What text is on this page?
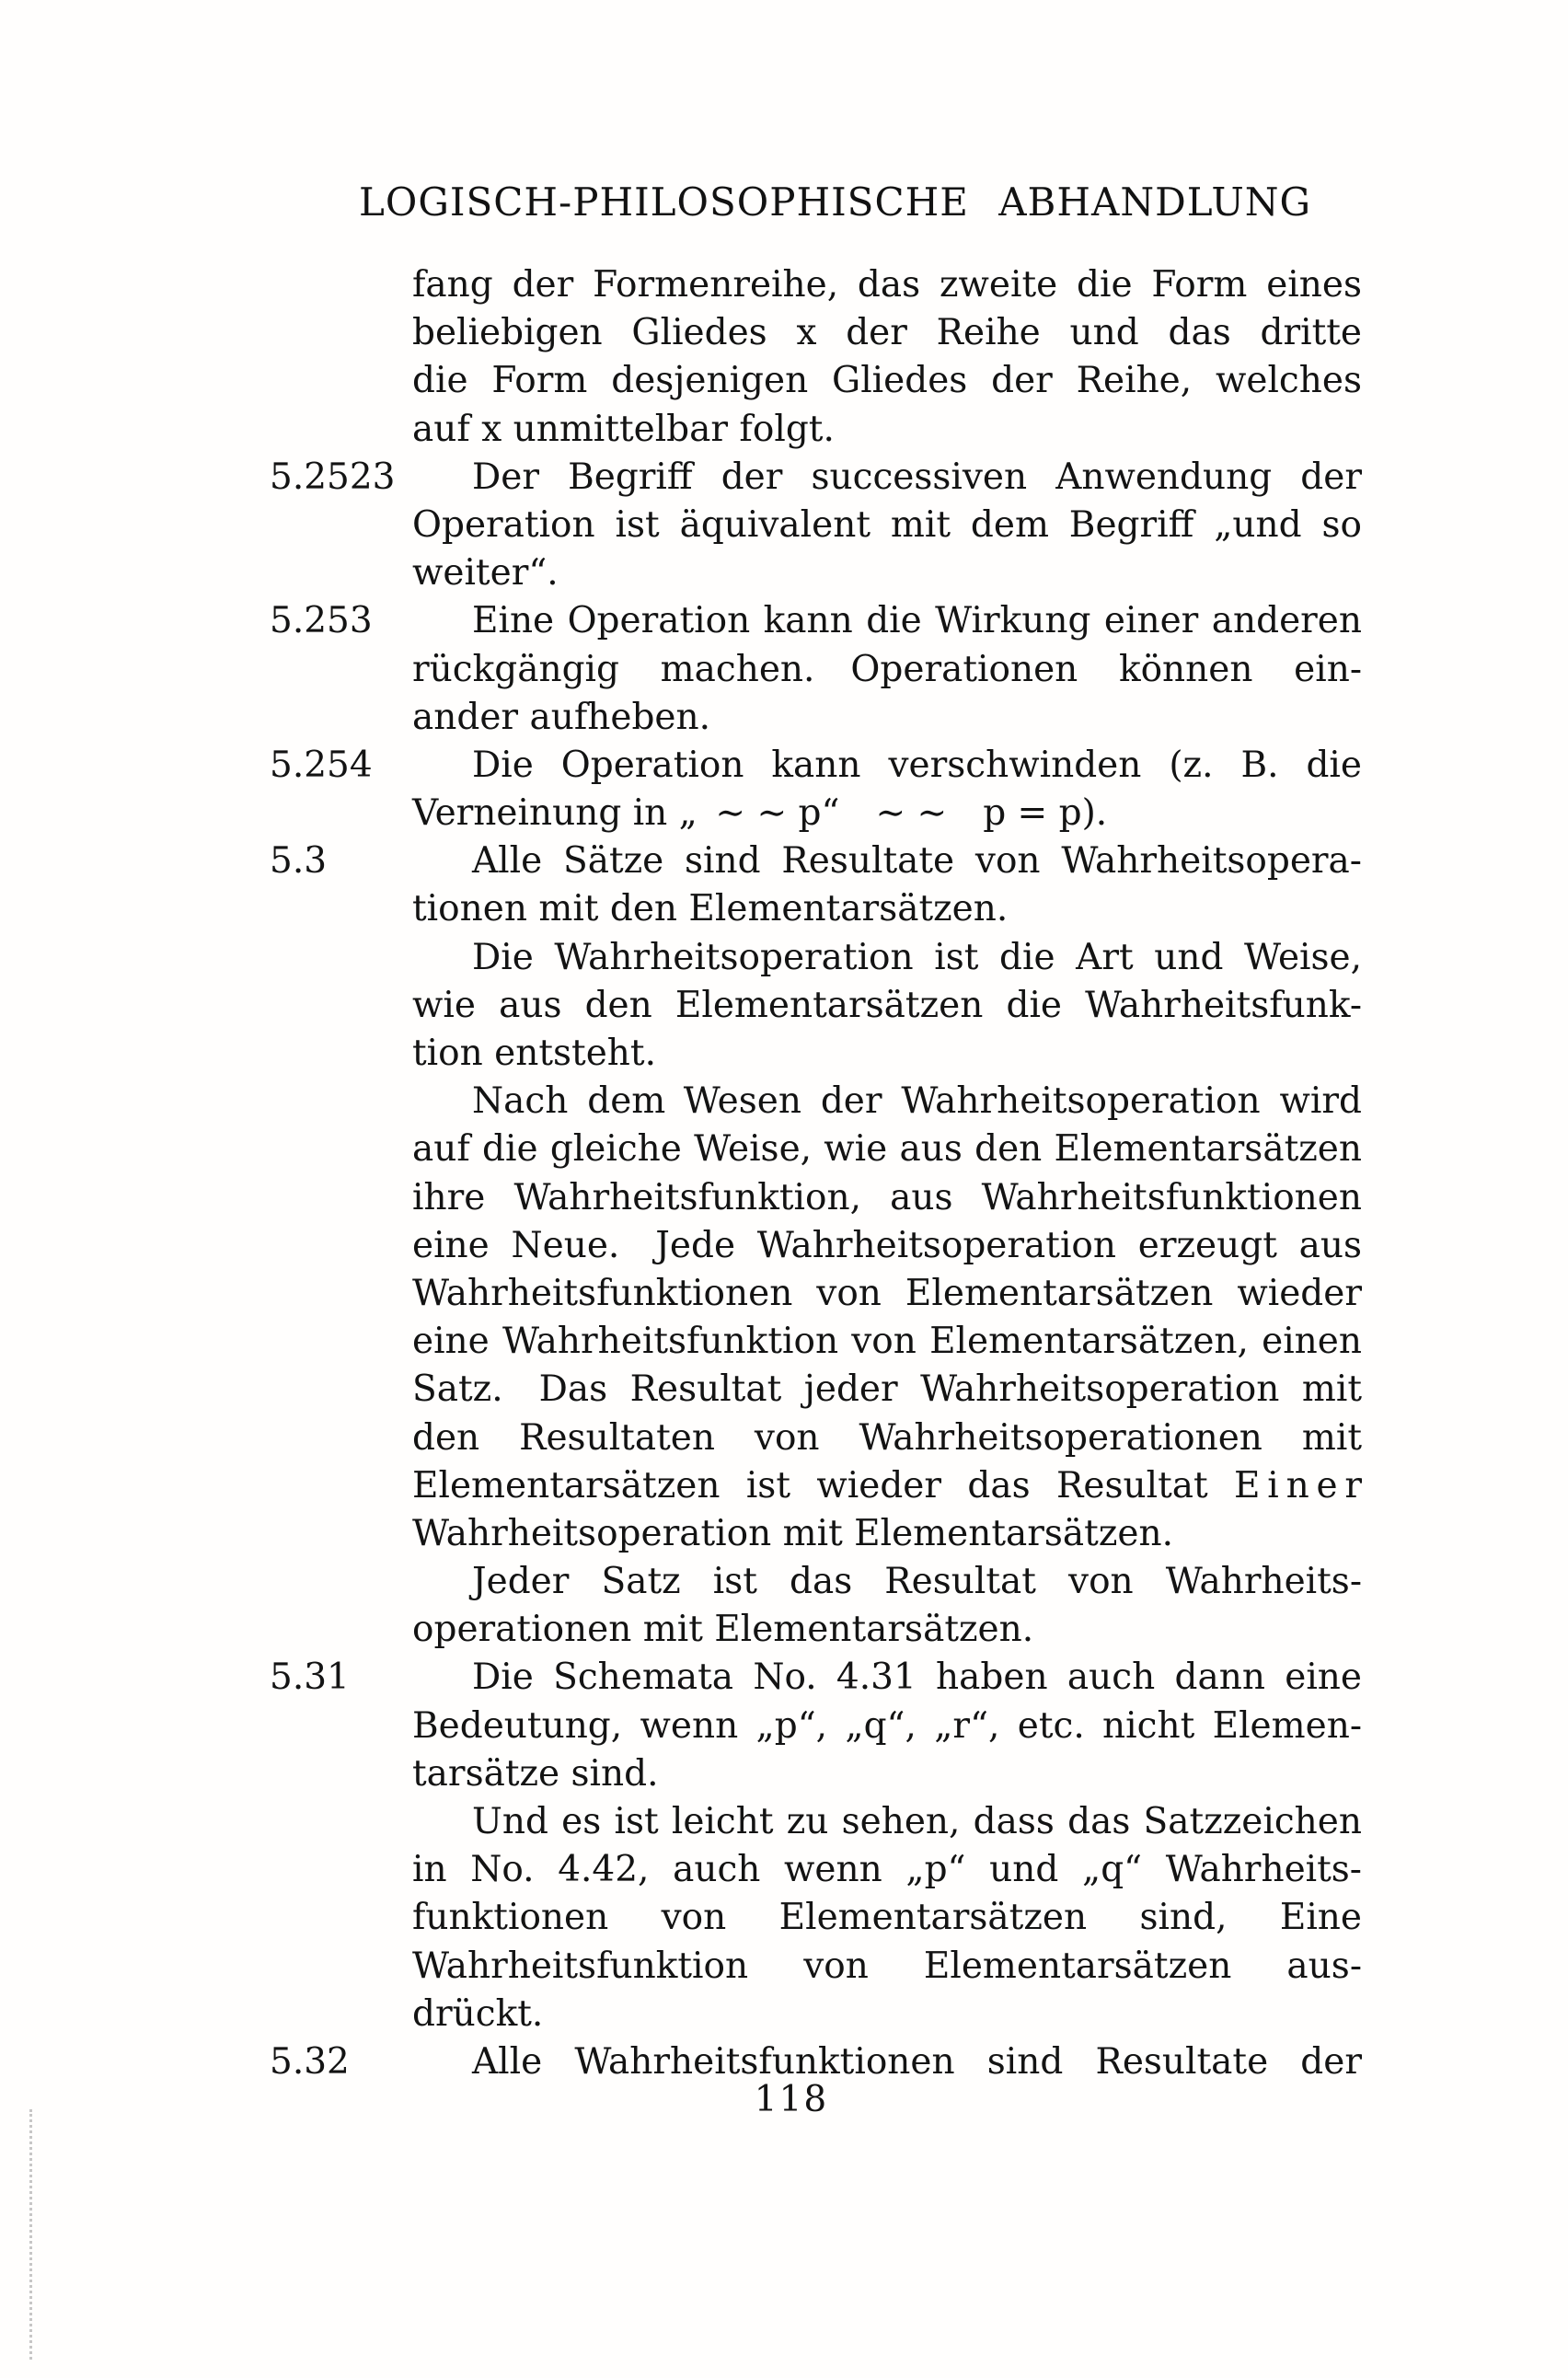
LOGISCH-PHILOSOPHISCHE ABHANDLUNG
fang der Formenreihe, das zweite die Form eines
beliebigen Gliedes x der Reihe und das dritte
die Form desjenigen Gliedes der Reihe, welches
auf x unmittelbar folgt.
5.2523	Der Begriff der successiven Anwendung der
Operation ist äquivalent mit dem Begriff „und so
weiter“.
5.253	Eine Operation kann die Wirkung einer anderen
rückgängig machen. Operationen können ein-
ander aufheben.
5.254	Die Operation kann verschwinden (z. B. die
Verneinung in „ ∼ ∼ p“ ∼ ∼ p = p).
5.3	Alle Sätze sind Resultate von Wahrheitsopera-
tionen mit den Elementarsätzen.
Die Wahrheitsoperation ist die Art und Weise,
wie aus den Elementarsätzen die Wahrheitsfunk-
tion entsteht.
Nach dem Wesen der Wahrheitsoperation wird
auf die gleiche Weise, wie aus den Elementarsätzen
ihre Wahrheitsfunktion, aus Wahrheitsfunktionen
eine Neue. Jede Wahrheitsoperation erzeugt aus
Wahrheitsfunktionen von Elementarsätzen wieder
eine Wahrheitsfunktion von Elementarsätzen, einen
Satz. Das Resultat jeder Wahrheitsoperation mit
den Resultaten von Wahrheitsoperationen mit
Elementarsätzen ist wieder das Resultat E i n e r
Wahrheitsoperation mit Elementarsätzen.
Jeder Satz ist das Resultat von Wahrheits-
operationen mit Elementarsätzen.
5.31	Die Schemata No. 4.31 haben auch dann eine
Bedeutung, wenn „p“, „q“, „r“, etc. nicht Elemen-
tarsätze sind.
Und es ist leicht zu sehen, dass das Satzzeichen
in No. 4.42, auch wenn „p“ und „q“ Wahrheits-
funktionen von Elementarsätzen sind, Eine
Wahrheitsfunktion von Elementarsätzen aus-
drückt.
5.32	Alle Wahrheitsfunktionen sind Resultate der
118
